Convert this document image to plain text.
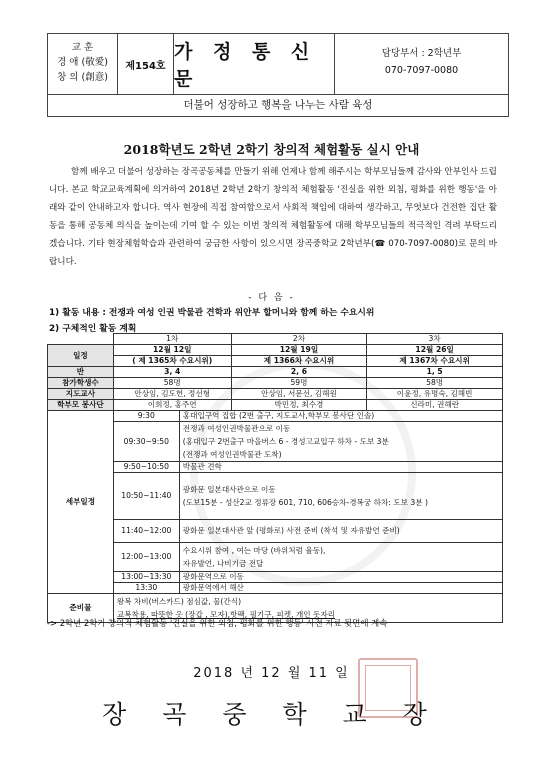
교 훈
경 애 (敬愛)
창 의 (創意)
제154호
가 정 통 신 문
담당부서 : 2학년부
070-7097-0080
더불어 성장하고 행복을 나누는 사람 육성
2018학년도 2학년 2학기 창의적 체험활동 실시 안내

함께 배우고 더불어 성장하는 장곡공동체를 만들기 위해 언제나 함께 해주시는 학부모님들께 감사와 안부인사 드립니다. 본교 학교교육계획에 의거하여 2018년 2학년 2학기 창의적 체험활동 '진실을 위한 외침, 평화를 위한 행동'을 아래와 같이 안내하고자 합니다. 역사 현장에 직접 참여함으로서 사회적 책임에 대하여 생각하고, 무엇보다 건전한 집단 활동을 통해 공동체 의식을 높이는데 기여 할 수 있는 이번 창의적 체험활동에 대해 학부모님들의 적극적인 격려 부탁드리겠습니다. 기타 현장체험학습과 관련하여 궁금한 사항이 있으시면 장곡중학교 2학년부(☎ 070-7097-0080)로 문의 바랍니다.

- 다 음 -
1) 활동 내용 : 전쟁과 여성 인권 박물관 견학과 위안부 할머니와 함께 하는 수요시위
2) 구체적인 활동 계획
	1차		2차	3차
일정	12월 12일		12월 19일	12월 26일
	( 제 1365차 수요시위)		제 1366차 수요시위	제 1367차 수요시위
반	3, 4		2, 6	1, 5
참가학생수	58명		59명	58명
지도교사	안상임, 김도헌, 정선형		안상임, 서문선, 김해원	이윤정, 유명숙, 김해빈
학부모 봉사단	이희정, 홍주연		박민정, 최수경	신라미, 권해란
세부일정	9:30	홍대입구역 집합 (2번 출구, 지도교사,학부모 봉사단 인솔)		
	09:30~9:50	전쟁과 여성인권박물관으로 이동
(홍대입구 2번출구 마을버스 6 - 경성고교입구 하차 - 도보 3분
(전쟁과 여성인권박물관 도착)		
	9:50~10:50	박물관 견학		
	10:50~11:40	광화문 일본대사관으로 이동
(도보15분 - 성산2교 정류장 601, 710, 606승차-경복궁 하차: 도보 3분 )		
	11:40~12:00	광화문 일본대사관 앞 (평화로) 사전 준비 (착석 및 자유발언 준비)		
	12:00~13:00	수요시위 참여 , 여는 마당 (바위처럼 율동),
자유발언, 나비기금 전달		
	13:00~13:30	광화문역으로 이동		
	13:30	광화문역에서 해산		
준비물	왕복 차비(버스카드) 점심값, 물(간식)
교복착용, 따뜻한 옷 (장갑 , 모자),핫팩, 필기구, 피켓, 개인 돗자리			
-> 2학년 2학기 창의적 체험활동 '진실을 위한 외침, 평화를 위한 행동' 사전 자료 뒷면에 계속
2018 년 12 월 11 일
장 곡 중 학 교 장
